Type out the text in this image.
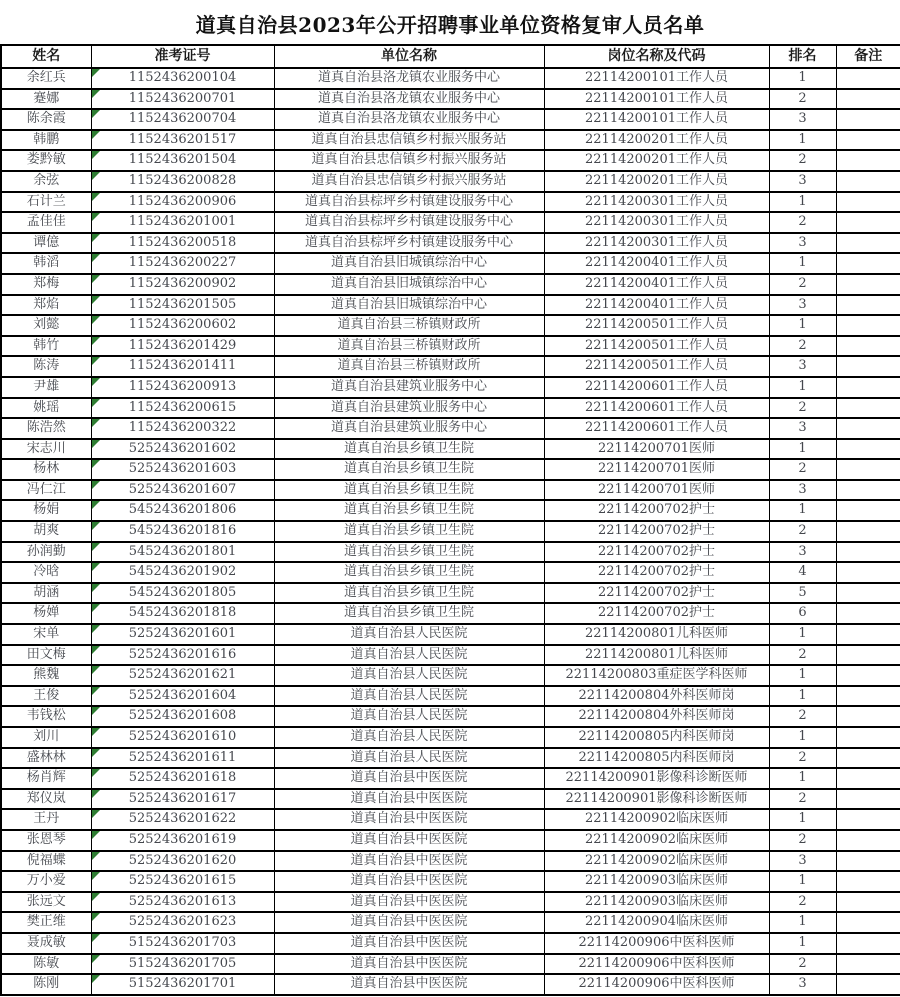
道真自治县2023年公开招聘事业单位资格复审人员名单
姓名	准考证号	单位名称	岗位名称及代码	排名	备注
余红兵	1152436200104	道真自治县洛龙镇农业服务中心	22114200101工作人员	1	
蹇娜	1152436200701	道真自治县洛龙镇农业服务中心	22114200101工作人员	2	
陈余霞	1152436200704	道真自治县洛龙镇农业服务中心	22114200101工作人员	3	
韩鹏	1152436201517	道真自治县忠信镇乡村振兴服务站	22114200201工作人员	1	
娄黔敏	1152436201504	道真自治县忠信镇乡村振兴服务站	22114200201工作人员	2	
余弦	1152436200828	道真自治县忠信镇乡村振兴服务站	22114200201工作人员	3	
石计兰	1152436200906	道真自治县棕坪乡村镇建设服务中心	22114200301工作人员	1	
孟佳佳	1152436201001	道真自治县棕坪乡村镇建设服务中心	22114200301工作人员	2	
谭億	1152436200518	道真自治县棕坪乡村镇建设服务中心	22114200301工作人员	3	
韩滔	1152436200227	道真自治县旧城镇综治中心	22114200401工作人员	1	
郑梅	1152436200902	道真自治县旧城镇综治中心	22114200401工作人员	2	
郑焰	1152436201505	道真自治县旧城镇综治中心	22114200401工作人员	3	
刘懿	1152436200602	道真自治县三桥镇财政所	22114200501工作人员	1	
韩竹	1152436201429	道真自治县三桥镇财政所	22114200501工作人员	2	
陈涛	1152436201411	道真自治县三桥镇财政所	22114200501工作人员	3	
尹雄	1152436200913	道真自治县建筑业服务中心	22114200601工作人员	1	
姚瑶	1152436200615	道真自治县建筑业服务中心	22114200601工作人员	2	
陈浩然	1152436200322	道真自治县建筑业服务中心	22114200601工作人员	3	
宋志川	5252436201602	道真自治县乡镇卫生院	22114200701医师	1	
杨林	5252436201603	道真自治县乡镇卫生院	22114200701医师	2	
冯仁江	5252436201607	道真自治县乡镇卫生院	22114200701医师	3	
杨娟	5452436201806	道真自治县乡镇卫生院	22114200702护士	1	
胡爽	5452436201816	道真自治县乡镇卫生院	22114200702护士	2	
孙润勤	5452436201801	道真自治县乡镇卫生院	22114200702护士	3	
冷晗	5452436201902	道真自治县乡镇卫生院	22114200702护士	4	
胡涵	5452436201805	道真自治县乡镇卫生院	22114200702护士	5	
杨婵	5452436201818	道真自治县乡镇卫生院	22114200702护士	6	
宋单	5252436201601	道真自治县人民医院	22114200801儿科医师	1	
田文梅	5252436201616	道真自治县人民医院	22114200801儿科医师	2	
熊魏	5252436201621	道真自治县人民医院	22114200803重症医学科医师	1	
王俊	5252436201604	道真自治县人民医院	22114200804外科医师岗	1	
韦钱松	5252436201608	道真自治县人民医院	22114200804外科医师岗	2	
刘川	5252436201610	道真自治县人民医院	22114200805内科医师岗	1	
盛林林	5252436201611	道真自治县人民医院	22114200805内科医师岗	2	
杨肖辉	5252436201618	道真自治县中医医院	22114200901影像科诊断医师	1	
郑仪岚	5252436201617	道真自治县中医医院	22114200901影像科诊断医师	2	
王丹	5252436201622	道真自治县中医医院	22114200902临床医师	1	
张恩琴	5252436201619	道真自治县中医医院	22114200902临床医师	2	
倪福蝶	5252436201620	道真自治县中医医院	22114200902临床医师	3	
万小爱	5252436201615	道真自治县中医医院	22114200903临床医师	1	
张远文	5252436201613	道真自治县中医医院	22114200903临床医师	2	
樊正维	5252436201623	道真自治县中医医院	22114200904临床医师	1	
聂成敏	5152436201703	道真自治县中医医院	22114200906中医科医师	1	
陈敏	5152436201705	道真自治县中医医院	22114200906中医科医师	2	
陈刚	5152436201701	道真自治县中医医院	22114200906中医科医师	3	
